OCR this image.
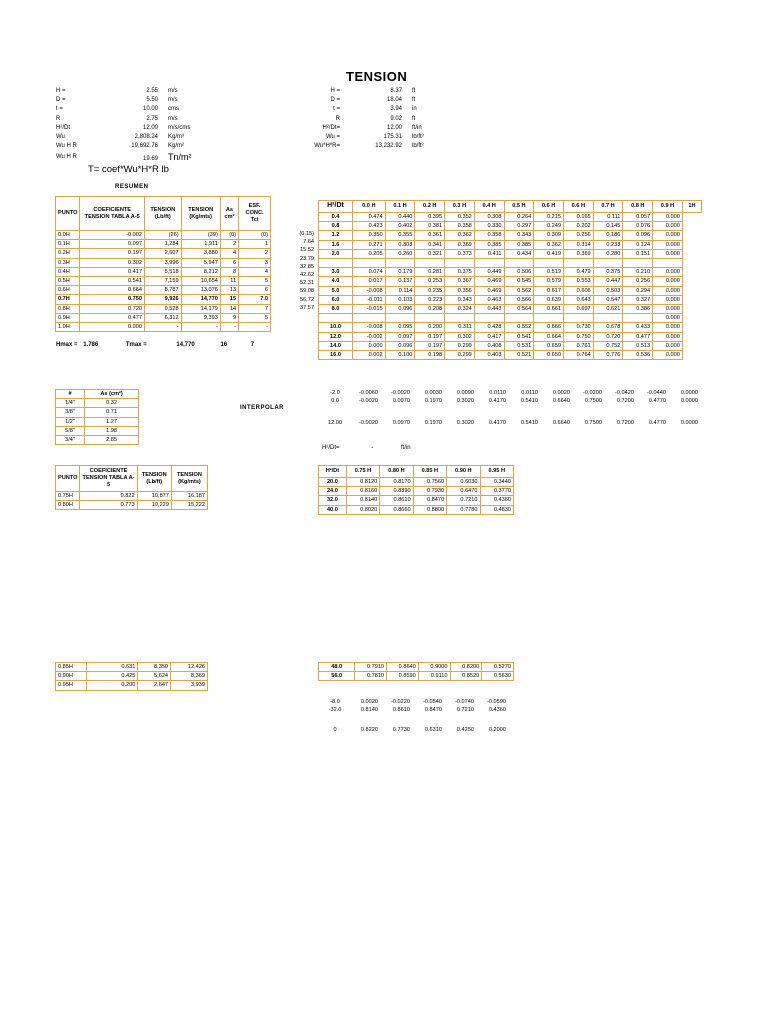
TENSION
H =	2.55	m/s
D =	5.50	m/s
t =	10.00	cms
R	2.75	m/s
H²/Dt	12.00	m/s/cms
Wu	2,808.24	Kg/m³
Wu H R	19,692.76	Kg/m²
Wu H R	19.69	Tn/m²
T= coef*Wu*H*R lb
H =	8.37	ft
D =	18.04	ft
t =	3.94	in
R	9.02	ft
H²/Dt=	12.00	ft/in
Wu =	175.31	lb/ft³
Wu*H*R=	13,232.92	lb/ft²
RESUMEN
PUNTO	COEFICIENTE TENSION TABLA A-5	TENSION (Lb/ft)	TENSION (Kg/mts)	As cm²	ESF. CONC. Tct
0.0H	-0.002	(26)	(39)	(0)	(0)
0.1H	0.097	1,284	1,911	2	1
0.2H	0.197	2,607	3,880	4	2
0.3H	0.302	3,996	5,947	6	3
0.4H	0.417	5,518	8,212	8	4
0.5H	0.541	7,159	10,654	11	5
0.6H	0.664	8,787	13,076	13	6
0.7H	0.750	9,926	14,770	15	7.0
0.8H	0.720	9,528	14,179	14	7
0.9H	0.477	6,312	9,393	9	5
1.0H	0.000	-	-	-	-
(0.15)
7.64
15.52
23.79
32.85
42.62
52.31
59.08
56.72
37.57

Hmax = 1.786	Tmax =	14,770	16	7
H²/Dt	0.0 H	0.1 H	0.2 H	0.3 H	0.4 H	0.5 H	0.6 H	0.6 H	0.7 H	0.8 H	0.9 H	1H
0.4	0.474	0.440	0.395	0.352	0.308	0.264	0.215	0.165	0.111	0.057	0.000	
0.8	0.423	0.402	0.381	0.358	0.330	0.297	0.249	0.202	0.145	0.076	0.000	
1.2	0.350	0.355	0.361	0.362	0.358	0.343	0.309	0.256	0.186	0.096	0.000	
1.6	0.271	0.303	0.341	0.369	0.385	0.385	0.362	0.314	0.233	0.124	0.000	
2.0	0.205	0.260	0.321	0.373	0.411	0.434	0.419	0.369	0.280	0.151	0.000	

3.0	0.074	0.179	0.281	0.375	0.449	0.506	0.519	0.479	0.375	0.210	0.000	
4.0	0.017	0.137	0.253	0.367	0.469	0.545	0.579	0.553	0.447	0.256	0.000	
5.0	-0.008	0.114	0.235	0.356	0.469	0.562	0.617	0.606	0.503	0.294	0.000	
6.0	-0.011	0.103	0.223	0.343	0.463	0.566	0.639	0.643	0.547	0.327	0.000	
8.0	-0.015	0.096	0.208	0.324	0.443	0.564	0.661	0.697	0.621	0.386	0.000	
											0.000	
10.0	-0.008	0.095	0.200	0.311	0.428	0.552	0.666	0.730	0.678	0.433	0.000	
12.0	-0.002	0.097	0.197	0.302	0.417	0.541	0.664	0.750	0.720	0.477	0.000	
14.0	0.000	0.096	0.197	0.299	0.408	0.531	0.659	0.761	0.752	0.513	0.000	
16.0	0.002	0.100	0.198	0.299	0.403	0.521	0.650	0.764	0.776	0.536	0.000	
#	As (cm²)
1/4"	0.32
3/8"	0.71
1/2"	1.27
5/8"	1.98
3/4"	2.85
INTERPOLAR
-2.0	-0.0060	-0.0020	0.0030	0.0090	0.0110	0.0110	0.0020	-0.0200	-0.0420	-0.0440	0.0000
0.0	-0.0020	0.0970	0.1970	0.3020	0.4170	0.5410	0.6640	0.7500	0.7200	0.4770	0.0000
12.00	-0.0020	0.0970	0.1970	0.3020	0.4170	0.5410	0.6640	0.7500	0.7200	0.4770	0.0000
H²/Dt=	-	ft/in
PUNTO	COEFICIENTE TENSION TABLA A-5	TENSION (Lb/ft)	TENSION (Kg/mts)
0.75H	0.822	10,877	16,187
0.80H	0.773	10,229	15,222
H²/Dt	0.75 H	0.80 H	0.85 H	0.90 H	0.95 H
20.0	0.8120	0.8170	0.7560	0.6030	0.3440
24.0	0.8160	0.8390	0.7930	0.6470	0.3770
32.0	0.8140	0.8610	0.8470	0.7210	0.4360
40.0	0.8020	0.8660	0.8800	0.7780	0.4830
0.85H	0.631	8,350	12,426
0.90H	0.425	5,624	8,369
0.95H	0.200	2,647	3,939
48.0	0.7910	0.8640	0.9000	0.8200	0.5270
56.0	0.7810	0.8590	0.9110	0.8520	0.5630
-8.0	0.0020	-0.0220	-0.0540	-0.0740	-0.0590
-32.0	0.8140	0.8610	0.8470	0.7210	0.4360

0	0.8220	0.7730	0.6310	0.4250	0.2000
